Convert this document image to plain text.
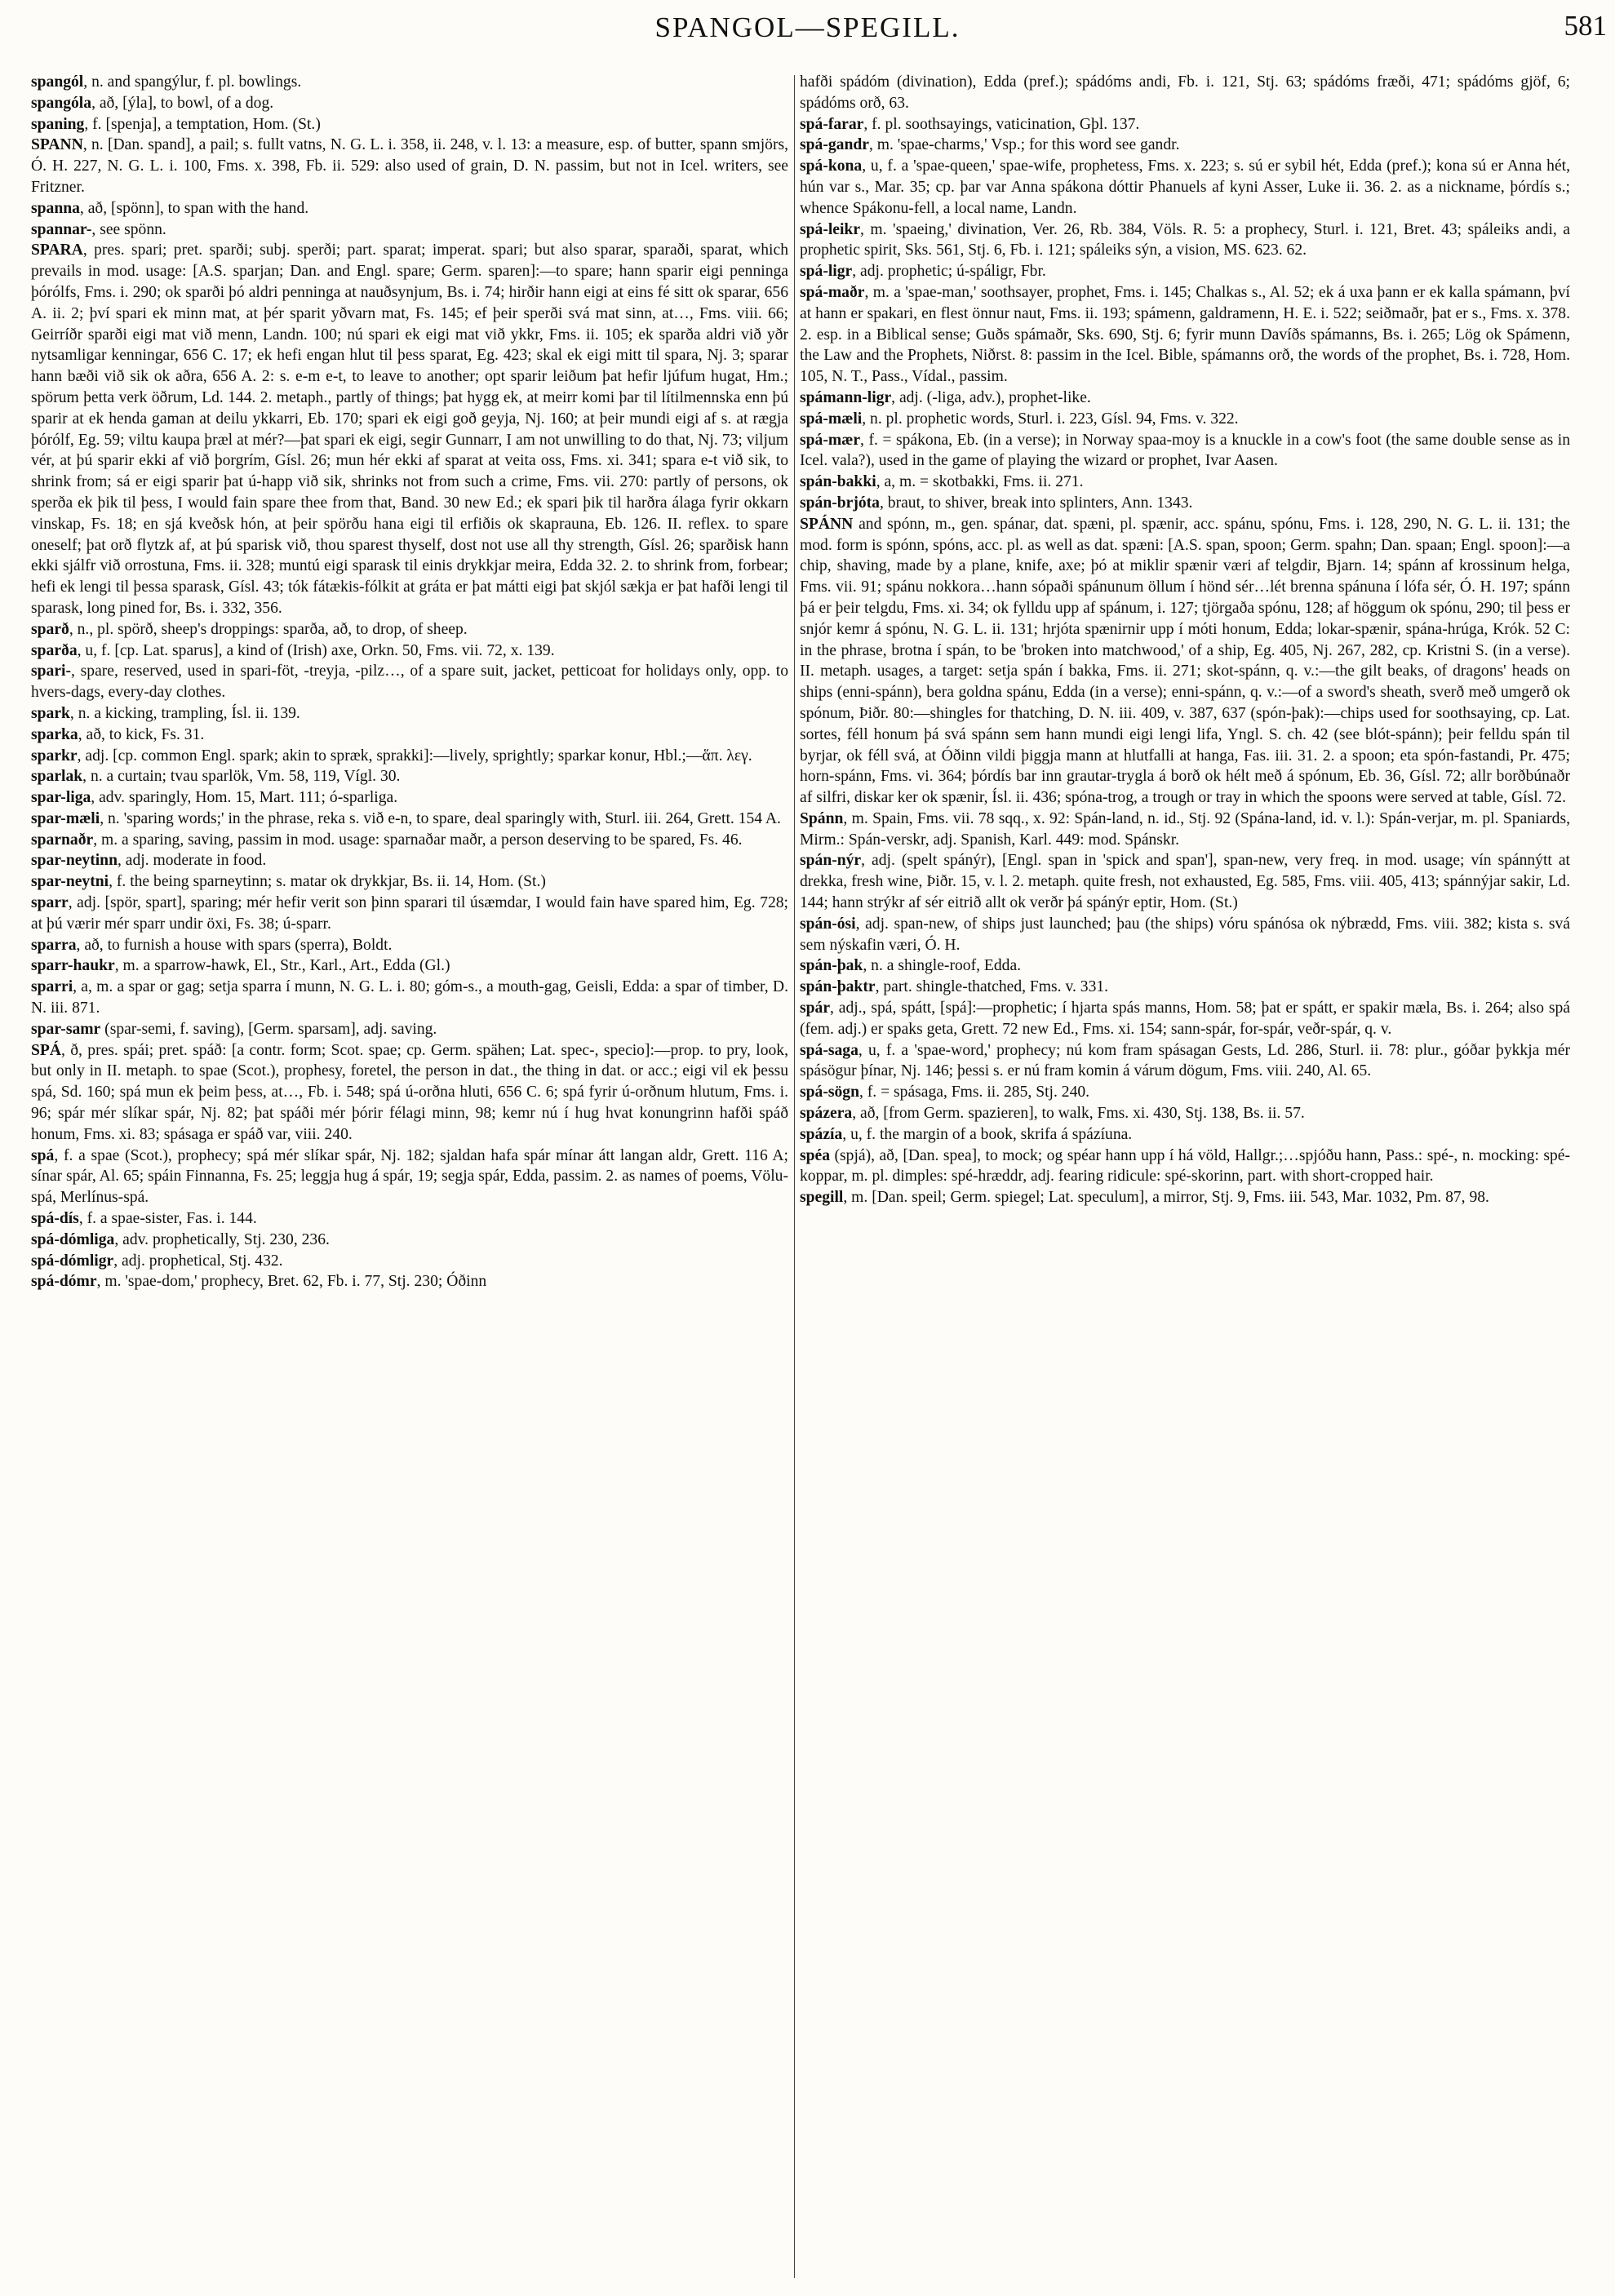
SPANGOL—SPEGILL.	581

spangól, n. and spangýlur, f. pl. bowlings.

spangóla, að, [ýla], to bowl, of a dog.

spaning, f. [spenja], a temptation, Hom. (St.)

SPANN, n. [Dan. spand], a pail; s. fullt vatns, N. G. L. i. 358, ii. 248, v. l. 13: a measure, esp. of butter, spann smjörs, Ó. H. 227, N. G. L. i. 100, Fms. x. 398, Fb. ii. 529: also used of grain, D. N. passim, but not in Icel. writers, see Fritzner.

spanna, að, [spönn], to span with the hand.

spannar-, see spönn.

SPARA, pres. spari; pret. sparði; subj. sperði; part. sparat; imperat. spari; but also sparar, sparaði, sparat, which prevails in mod. usage: [A.S. sparjan; Dan. and Engl. spare; Germ. sparen]:—to spare; hann sparir eigi penninga þórólfs, Fms. i. 290; ok sparði þó aldri penninga at nauðsynjum, Bs. i. 74; hirðir hann eigi at eins fé sitt ok sparar, 656 A. ii. 2; því spari ek minn mat, at þér sparit yðvarn mat, Fs. 145; ef þeir sperði svá mat sinn, at…, Fms. viii. 66; Geirríðr sparði eigi mat við menn, Landn. 100; nú spari ek eigi mat við ykkr, Fms. ii. 105; ek sparða aldri við yðr nytsamligar kenningar, 656 C. 17; ek hefi engan hlut til þess sparat, Eg. 423; skal ek eigi mitt til spara, Nj. 3; sparar hann bæði við sik ok aðra, 656 A. 2: s. e-m e-t, to leave to another; opt sparir leiðum þat hefir ljúfum hugat, Hm.; spörum þetta verk öðrum, Ld. 144. 2. metaph., partly of things; þat hygg ek, at meirr komi þar til lítilmennska enn þú sparir at ek henda gaman at deilu ykkarri, Eb. 170; spari ek eigi goð geyja, Nj. 160; at þeir mundi eigi af s. at rægja þórólf, Eg. 59; viltu kaupa þræl at mér?—þat spari ek eigi, segir Gunnarr, I am not unwilling to do that, Nj. 73; viljum vér, at þú sparir ekki af við þorgrím, Gísl. 26; mun hér ekki af sparat at veita oss, Fms. xi. 341; spara e-t við sik, to shrink from; sá er eigi sparir þat ú-happ við sik, shrinks not from such a crime, Fms. vii. 270: partly of persons, ok sperða ek þik til þess, I would fain spare thee from that, Band. 30 new Ed.; ek spari þik til harðra álaga fyrir okkarn vinskap, Fs. 18; en sjá kveðsk hón, at þeir spörðu hana eigi til erfiðis ok skaprauna, Eb. 126. II. reflex. to spare oneself; þat orð flytzk af, at þú sparisk við, thou sparest thyself, dost not use all thy strength, Gísl. 26; sparðisk hann ekki sjálfr við orrostuna, Fms. ii. 328; muntú eigi sparask til einis drykkjar meira, Edda 32. 2. to shrink from, forbear; hefi ek lengi til þessa sparask, Gísl. 43; tók fátækis-fólkit at gráta er þat mátti eigi þat skjól sækja er þat hafði lengi til sparask, long pined for, Bs. i. 332, 356.

sparð, n., pl. spörð, sheep's droppings: sparða, að, to drop, of sheep.

sparða, u, f. [cp. Lat. sparus], a kind of (Irish) axe, Orkn. 50, Fms. vii. 72, x. 139.

spari-, spare, reserved, used in spari-föt, -treyja, -pilz…, of a spare suit, jacket, petticoat for holidays only, opp. to hvers-dags, every-day clothes.

spark, n. a kicking, trampling, Ísl. ii. 139.

sparka, að, to kick, Fs. 31.

sparkr, adj. [cp. common Engl. spark; akin to spræk, sprakki]:—lively, sprightly; sparkar konur, Hbl.;—ἅπ. λεγ.

sparlak, n. a curtain; tvau sparlök, Vm. 58, 119, Vígl. 30.

spar-liga, adv. sparingly, Hom. 15, Mart. 111; ó-sparliga.

spar-mæli, n. 'sparing words;' in the phrase, reka s. við e-n, to spare, deal sparingly with, Sturl. iii. 264, Grett. 154 A.

sparnaðr, m. a sparing, saving, passim in mod. usage: sparnaðar maðr, a person deserving to be spared, Fs. 46.

spar-neytinn, adj. moderate in food.

spar-neytni, f. the being sparneytinn; s. matar ok drykkjar, Bs. ii. 14, Hom. (St.)

sparr, adj. [spör, spart], sparing; mér hefir verit son þinn sparari til úsæmdar, I would fain have spared him, Eg. 728; at þú værir mér sparr undir öxi, Fs. 38; ú-sparr.

sparra, að, to furnish a house with spars (sperra), Boldt.

sparr-haukr, m. a sparrow-hawk, El., Str., Karl., Art., Edda (Gl.)

sparri, a, m. a spar or gag; setja sparra í munn, N. G. L. i. 80; góm-s., a mouth-gag, Geisli, Edda: a spar of timber, D. N. iii. 871.

spar-samr (spar-semi, f. saving), [Germ. sparsam], adj. saving.

SPÁ, ð, pres. spái; pret. spáð: [a contr. form; Scot. spae; cp. Germ. spähen; Lat. spec-, specio]:—prop. to pry, look, but only in II. metaph. to spae (Scot.), prophesy, foretel, the person in dat., the thing in dat. or acc.; eigi vil ek þessu spá, Sd. 160; spá mun ek þeim þess, at…, Fb. i. 548; spá ú-orðna hluti, 656 C. 6; spá fyrir ú-orðnum hlutum, Fms. i. 96; spár mér slíkar spár, Nj. 82; þat spáði mér þórir félagi minn, 98; kemr nú í hug hvat konungrinn hafði spáð honum, Fms. xi. 83; spásaga er spáð var, viii. 240.

spá, f. a spae (Scot.), prophecy; spá mér slíkar spár, Nj. 182; sjaldan hafa spár mínar átt langan aldr, Grett. 116 A; sínar spár, Al. 65; spáin Finnanna, Fs. 25; leggja hug á spár, 19; segja spár, Edda, passim. 2. as names of poems, Völu-spá, Merlínus-spá.

spá-dís, f. a spae-sister, Fas. i. 144.

spá-dómliga, adv. prophetically, Stj. 230, 236.

spá-dómligr, adj. prophetical, Stj. 432.

spá-dómr, m. 'spae-dom,' prophecy, Bret. 62, Fb. i. 77, Stj. 230; Óðinn

hafði spádóm (divination), Edda (pref.); spádóms andi, Fb. i. 121, Stj. 63; spádóms fræði, 471; spádóms gjöf, 6; spádóms orð, 63.

spá-farar, f. pl. soothsayings, vaticination, Gþl. 137.

spá-gandr, m. 'spae-charms,' Vsp.; for this word see gandr.

spá-kona, u, f. a 'spae-queen,' spae-wife, prophetess, Fms. x. 223; s. sú er sybil hét, Edda (pref.); kona sú er Anna hét, hún var s., Mar. 35; cp. þar var Anna spákona dóttir Phanuels af kyni Asser, Luke ii. 36. 2. as a nickname, þórdís s.; whence Spákonu-fell, a local name, Landn.

spá-leikr, m. 'spaeing,' divination, Ver. 26, Rb. 384, Völs. R. 5: a prophecy, Sturl. i. 121, Bret. 43; spáleiks andi, a prophetic spirit, Sks. 561, Stj. 6, Fb. i. 121; spáleiks sýn, a vision, MS. 623. 62.

spá-ligr, adj. prophetic; ú-spáligr, Fbr.

spá-maðr, m. a 'spae-man,' soothsayer, prophet, Fms. i. 145; Chalkas s., Al. 52; ek á uxa þann er ek kalla spámann, því at hann er spakari, en flest önnur naut, Fms. ii. 193; spámenn, galdramenn, H. E. i. 522; seiðmaðr, þat er s., Fms. x. 378. 2. esp. in a Biblical sense; Guðs spámaðr, Sks. 690, Stj. 6; fyrir munn Davíðs spámanns, Bs. i. 265; Lög ok Spámenn, the Law and the Prophets, Niðrst. 8: passim in the Icel. Bible, spámanns orð, the words of the prophet, Bs. i. 728, Hom. 105, N. T., Pass., Vídal., passim.

spámann-ligr, adj. (-liga, adv.), prophet-like.

spá-mæli, n. pl. prophetic words, Sturl. i. 223, Gísl. 94, Fms. v. 322.

spá-mær, f. = spákona, Eb. (in a verse); in Norway spaa-moy is a knuckle in a cow's foot (the same double sense as in Icel. vala?), used in the game of playing the wizard or prophet, Ivar Aasen.

spán-bakki, a, m. = skotbakki, Fms. ii. 271.

spán-brjóta, braut, to shiver, break into splinters, Ann. 1343.

SPÁNN and spónn, m., gen. spánar, dat. spæni, pl. spænir, acc. spánu, spónu, Fms. i. 128, 290, N. G. L. ii. 131; the mod. form is spónn, spóns, acc. pl. as well as dat. spæni: [A.S. span, spoon; Germ. spahn; Dan. spaan; Engl. spoon]:—a chip, shaving, made by a plane, knife, axe; þó at miklir spænir væri af telgdir, Bjarn. 14; spánn af krossinum helga, Fms. vii. 91; spánu nokkora…hann sópaði spánunum öllum í hönd sér…lét brenna spánuna í lófa sér, Ó. H. 197; spánn þá er þeir telgdu, Fms. xi. 34; ok fylldu upp af spánum, i. 127; tjörgaða spónu, 128; af höggum ok spónu, 290; til þess er snjór kemr á spónu, N. G. L. ii. 131; hrjóta spænirnir upp í móti honum, Edda; lokar-spænir, spána-hrúga, Krók. 52 C: in the phrase, brotna í spán, to be 'broken into matchwood,' of a ship, Eg. 405, Nj. 267, 282, cp. Kristni S. (in a verse). II. metaph. usages, a target: setja spán í bakka, Fms. ii. 271; skot-spánn, q. v.:—the gilt beaks, of dragons' heads on ships (enni-spánn), bera goldna spánu, Edda (in a verse); enni-spánn, q. v.:—of a sword's sheath, sverð með umgerð ok spónum, Þiðr. 80:—shingles for thatching, D. N. iii. 409, v. 387, 637 (spón-þak):—chips used for soothsaying, cp. Lat. sortes, féll honum þá svá spánn sem hann mundi eigi lengi lifa, Yngl. S. ch. 42 (see blót-spánn); þeir felldu spán til byrjar, ok féll svá, at Óðinn vildi þiggja mann at hlutfalli at hanga, Fas. iii. 31. 2. a spoon; eta spón-fastandi, Pr. 475; horn-spánn, Fms. vi. 364; þórdís bar inn grautar-trygla á borð ok hélt með á spónum, Eb. 36, Gísl. 72; allr borðbúnaðr af silfri, diskar ker ok spænir, Ísl. ii. 436; spóna-trog, a trough or tray in which the spoons were served at table, Gísl. 72.

Spánn, m. Spain, Fms. vii. 78 sqq., x. 92: Spán-land, n. id., Stj. 92 (Spána-land, id. v. l.): Spán-verjar, m. pl. Spaniards, Mirm.: Spán-verskr, adj. Spanish, Karl. 449: mod. Spánskr.

spán-nýr, adj. (spelt spánýr), [Engl. span in 'spick and span'], span-new, very freq. in mod. usage; vín spánnýtt at drekka, fresh wine, Þiðr. 15, v. l. 2. metaph. quite fresh, not exhausted, Eg. 585, Fms. viii. 405, 413; spánnýjar sakir, Ld. 144; hann strýkr af sér eitrið allt ok verðr þá spánýr eptir, Hom. (St.)

spán-ósi, adj. span-new, of ships just launched; þau (the ships) vóru spánósa ok nýbrædd, Fms. viii. 382; kista s. svá sem nýskafin væri, Ó. H.

spán-þak, n. a shingle-roof, Edda.

spán-þaktr, part. shingle-thatched, Fms. v. 331.

spár, adj., spá, spátt, [spá]:—prophetic; í hjarta spás manns, Hom. 58; þat er spátt, er spakir mæla, Bs. i. 264; also spá (fem. adj.) er spaks geta, Grett. 72 new Ed., Fms. xi. 154; sann-spár, for-spár, veðr-spár, q. v.

spá-saga, u, f. a 'spae-word,' prophecy; nú kom fram spásagan Gests, Ld. 286, Sturl. ii. 78: plur., góðar þykkja mér spásögur þínar, Nj. 146; þessi s. er nú fram komin á várum dögum, Fms. viii. 240, Al. 65.

spá-sögn, f. = spásaga, Fms. ii. 285, Stj. 240.

spázera, að, [from Germ. spazieren], to walk, Fms. xi. 430, Stj. 138, Bs. ii. 57.

spázía, u, f. the margin of a book, skrifa á spázíuna.

spéa (spjá), að, [Dan. spea], to mock; og spéar hann upp í há völd, Hallgr.;…spjóðu hann, Pass.: spé-, n. mocking: spé-koppar, m. pl. dimples: spé-hræddr, adj. fearing ridicule: spé-skorinn, part. with short-cropped hair.

spegill, m. [Dan. speil; Germ. spiegel; Lat. speculum], a mirror, Stj. 9, Fms. iii. 543, Mar. 1032, Pm. 87, 98.
